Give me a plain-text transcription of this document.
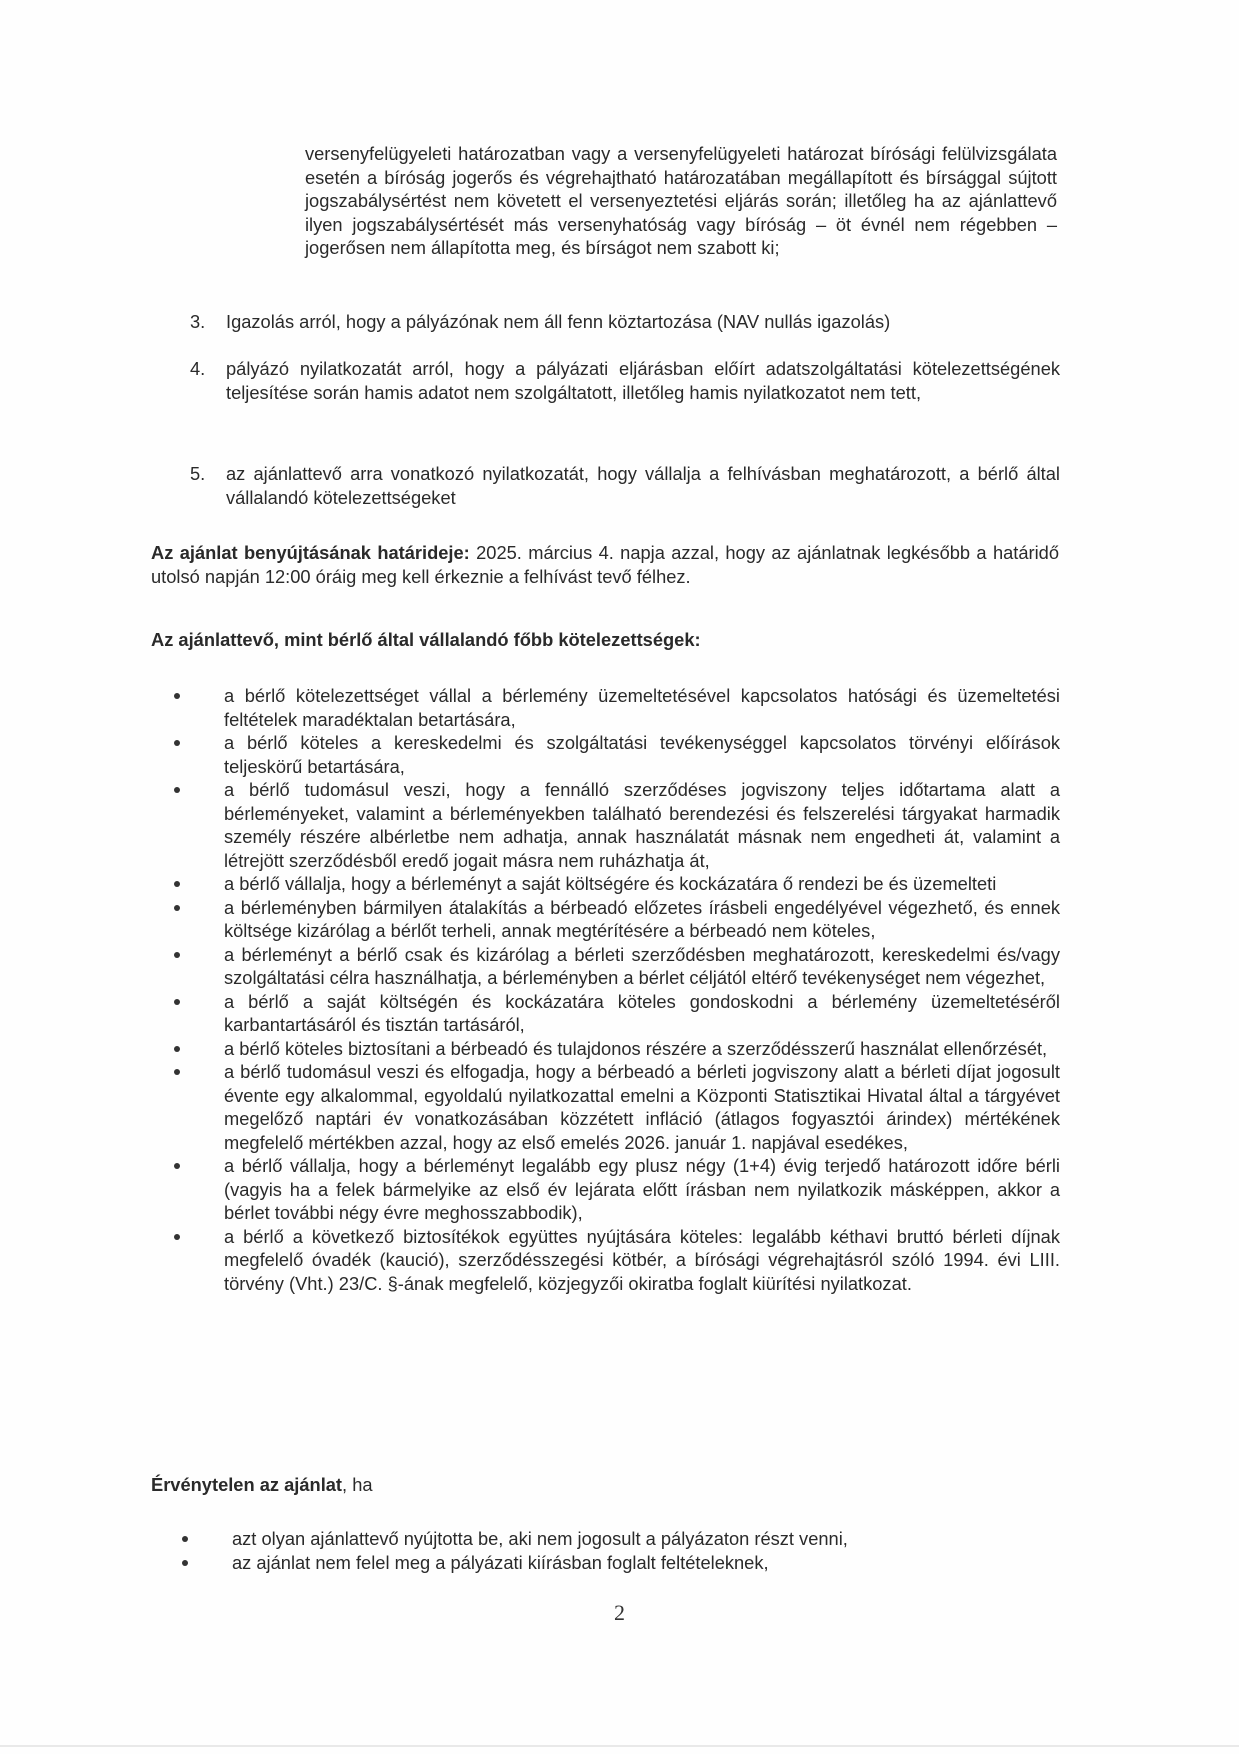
versenyfelügyeleti határozatban vagy a versenyfelügyeleti határozat bírósági felülvizsgálata esetén a bíróság jogerős és végrehajtható határozatában megállapított és bírsággal sújtott jogszabálysértést nem követett el versenyeztetési eljárás során; illetőleg ha az ajánlattevő ilyen jogszabálysértését más versenyhatóság vagy bíróság – öt évnél nem régebben – jogerősen nem állapította meg, és bírságot nem szabott ki;
3. Igazolás arról, hogy a pályázónak nem áll fenn köztartozása (NAV nullás igazolás)
4. pályázó nyilatkozatát arról, hogy a pályázati eljárásban előírt adatszolgáltatási kötelezettségének teljesítése során hamis adatot nem szolgáltatott, illetőleg hamis nyilatkozatot nem tett,
5. az ajánlattevő arra vonatkozó nyilatkozatát, hogy vállalja a felhívásban meghatározott, a bérlő által vállalandó kötelezettségeket
Az ajánlat benyújtásának határideje: 2025. március 4. napja azzal, hogy az ajánlatnak legkésőbb a határidő utolsó napján 12:00 óráig meg kell érkeznie a felhívást tevő félhez.
Az ajánlattevő, mint bérlő által vállalandó főbb kötelezettségek:
a bérlő kötelezettséget vállal a bérlemény üzemeltetésével kapcsolatos hatósági és üzemeltetési feltételek maradéktalan betartására,
a bérlő köteles a kereskedelmi és szolgáltatási tevékenységgel kapcsolatos törvényi előírások teljeskörű betartására,
a bérlő tudomásul veszi, hogy a fennálló szerződéses jogviszony teljes időtartama alatt a bérleményeket, valamint a bérleményekben található berendezési és felszerelési tárgyakat harmadik személy részére albérletbe nem adhatja, annak használatát másnak nem engedheti át, valamint a létrejött szerződésből eredő jogait másra nem ruházhatja át,
a bérlő vállalja, hogy a bérleményt a saját költségére és kockázatára ő rendezi be és üzemelteti
a bérleményben bármilyen átalakítás a bérbeadó előzetes írásbeli engedélyével végezhető, és ennek költsége kizárólag a bérlőt terheli, annak megtérítésére a bérbeadó nem köteles,
a bérleményt a bérlő csak és kizárólag a bérleti szerződésben meghatározott, kereskedelmi és/vagy szolgáltatási célra használhatja, a bérleményben a bérlet céljától eltérő tevékenységet nem végezhet,
a bérlő a saját költségén és kockázatára köteles gondoskodni a bérlemény üzemeltetéséről karbantartásáról és tisztán tartásáról,
a bérlő köteles biztosítani a bérbeadó és tulajdonos részére a szerződésszerű használat ellenőrzését,
a bérlő tudomásul veszi és elfogadja, hogy a bérbeadó a bérleti jogviszony alatt a bérleti díjat jogosult évente egy alkalommal, egyoldalú nyilatkozattal emelni a Központi Statisztikai Hivatal által a tárgyévet megelőző naptári év vonatkozásában közzétett infláció (átlagos fogyasztói árindex) mértékének megfelelő mértékben azzal, hogy az első emelés 2026. január 1. napjával esedékes,
a bérlő vállalja, hogy a bérleményt legalább egy plusz négy (1+4) évig terjedő határozott időre bérli (vagyis ha a felek bármelyike az első év lejárata előtt írásban nem nyilatkozik másképpen, akkor a bérlet további négy évre meghosszabbodik),
a bérlő a következő biztosítékok együttes nyújtására köteles: legalább kéthavi bruttó bérleti díjnak megfelelő óvadék (kaució), szerződésszegési kötbér, a bírósági végrehajtásról szóló 1994. évi LIII. törvény (Vht.) 23/C. §-ának megfelelő, közjegyzői okiratba foglalt kiürítési nyilatkozat.
Érvénytelen az ajánlat, ha
azt olyan ajánlattevő nyújtotta be, aki nem jogosult a pályázaton részt venni,
az ajánlat nem felel meg a pályázati kiírásban foglalt feltételeknek,
2
